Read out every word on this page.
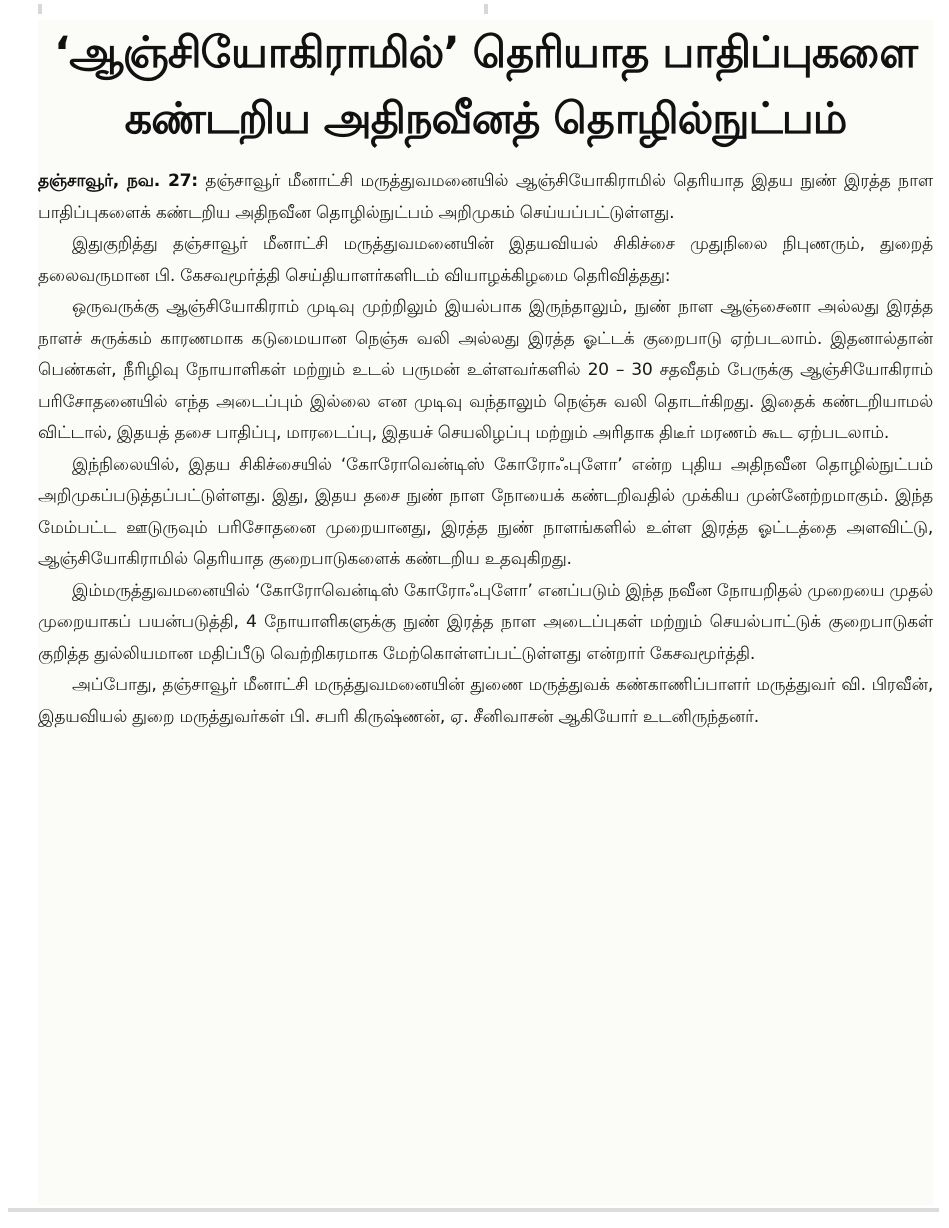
‘ஆஞ்சியோகிராமில்’ தெரியாத பாதிப்புகளை
கண்டறிய அதிநவீனத் தொழில்நுட்பம்

தஞ்சாவூர், நவ. 27: தஞ்சாவூர் மீனாட்சி மருத்துவமனையில் ஆஞ்சியோகிராமில் தெரியாத இதய நுண் இரத்த நாள பாதிப்புகளைக் கண்டறிய அதிநவீன தொழில்நுட்பம் அறிமுகம் செய்யப்பட்டுள்ளது.

இதுகுறித்து தஞ்சாவூர் மீனாட்சி மருத்துவமனையின் இதயவியல் சிகிச்சை முதுநிலை நிபுணரும், துறைத் தலைவருமான பி. கேசவமூர்த்தி செய்தியாளர்களிடம் வியாழக்கிழமை தெரிவித்தது:

ஒருவருக்கு ஆஞ்சியோகிராம் முடிவு முற்றிலும் இயல்பாக இருந்தாலும், நுண் நாள ஆஞ்சைனா அல்லது இரத்த நாளச் சுருக்கம் காரணமாக கடுமையான நெஞ்சு வலி அல்லது இரத்த ஓட்டக் குறைபாடு ஏற்படலாம். இதனால்தான் பெண்கள், நீரிழிவு நோயாளிகள் மற்றும் உடல் பருமன் உள்ளவர்களில் 20 – 30 சதவீதம் பேருக்கு ஆஞ்சியோகிராம் பரிசோதனையில் எந்த அடைப்பும் இல்லை என முடிவு வந்தாலும் நெஞ்சு வலி தொடர்கிறது. இதைக் கண்டறியாமல் விட்டால், இதயத் தசை பாதிப்பு, மாரடைப்பு, இதயச் செயலிழப்பு மற்றும் அரிதாக திடீர் மரணம் கூட ஏற்படலாம்.

இந்நிலையில், இதய சிகிச்சையில் ‘கோரோவென்டிஸ் கோரோஃபுளோ’ என்ற புதிய அதிநவீன தொழில்நுட்பம் அறிமுகப்படுத்தப்பட்டுள்ளது. இது, இதய தசை நுண் நாள நோயைக் கண்டறிவதில் முக்கிய முன்னேற்றமாகும். இந்த மேம்பட்ட ஊடுருவும் பரிசோதனை முறையானது, இரத்த நுண் நாளங்களில் உள்ள இரத்த ஓட்டத்தை அளவிட்டு, ஆஞ்சியோகிராமில் தெரியாத குறைபாடுகளைக் கண்டறிய உதவுகிறது.

இம்மருத்துவமனையில் ‘கோரோவென்டிஸ் கோரோஃபுளோ’ எனப்படும் இந்த நவீன நோயறிதல் முறையை முதல் முறையாகப் பயன்படுத்தி, 4 நோயாளிகளுக்கு நுண் இரத்த நாள அடைப்புகள் மற்றும் செயல்பாட்டுக் குறைபாடுகள் குறித்த துல்லியமான மதிப்பீடு வெற்றிகரமாக மேற்கொள்ளப்பட்டுள்ளது என்றார் கேசவமூர்த்தி.

அப்போது, தஞ்சாவூர் மீனாட்சி மருத்துவமனையின் துணை மருத்துவக் கண்காணிப்பாளர் மருத்துவர் வி. பிரவீன், இதயவியல் துறை மருத்துவர்கள் பி. சபரி கிருஷ்ணன், ஏ. சீனிவாசன் ஆகியோர் உடனிருந்தனர்.
